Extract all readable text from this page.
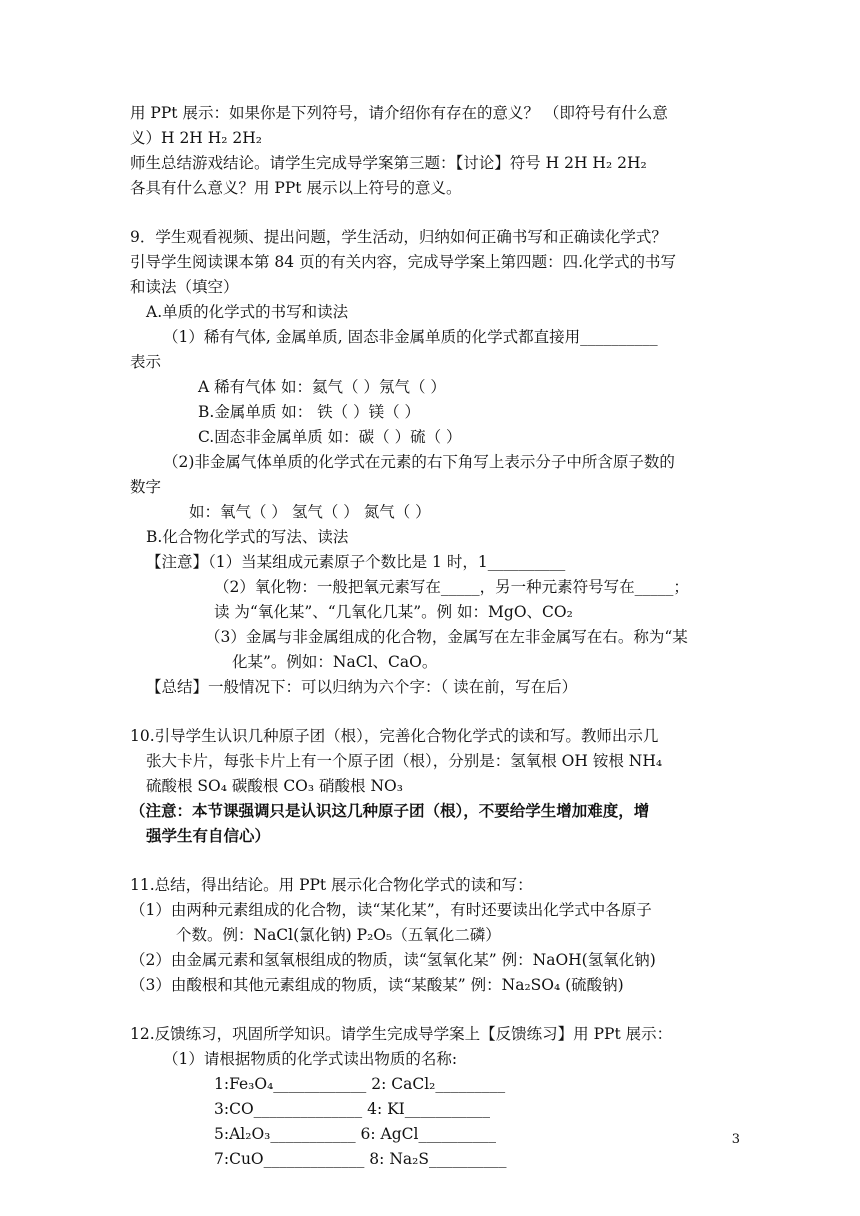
用 PPt 展示：如果你是下列符号，请介绍你有存在的意义？ （即符号有什么意
义）H 2H H₂ 2H₂
师生总结游戏结论。请学生完成导学案第三题：【讨论】符号 H 2H H₂ 2H₂
各具有什么意义？用 PPt 展示以上符号的意义。
9．学生观看视频、提出问题，学生活动，归纳如何正确书写和正确读化学式？
引导学生阅读课本第 84 页的有关内容，完成导学案上第四题：四.化学式的书写
和读法（填空）
A.单质的化学式的书写和读法
（1）稀有气体, 金属单质, 固态非金属单质的化学式都直接用__________
表示
A 稀有气体 如：氦气（ ）氖气（ ）
B.金属单质 如： 铁（ ）镁（ ）
C.固态非金属单质 如：碳（ ）硫（ ）
（2)非金属气体单质的化学式在元素的右下角写上表示分子中所含原子数的
数字
如：氧气（ ） 氢气（ ） 氮气（ ）
B.化合物化学式的写法、读法
【注意】（1）当某组成元素原子个数比是 1 时，1__________
（2）氧化物：一般把氧元素写在_____，另一种元素符号写在_____；
读 为“氧化某”、“几氧化几某”。例 如：MgO、CO₂
（3）金属与非金属组成的化合物，金属写在左非金属写在右。称为“某
化某”。例如：NaCl、CaO。
【总结】一般情况下：可以归纳为六个字：（ 读在前，写在后）
10.引导学生认识几种原子团（根），完善化合物化学式的读和写。教师出示几
张大卡片，每张卡片上有一个原子团（根），分别是：氢氧根 OH 铵根 NH₄
硫酸根 SO₄ 碳酸根 CO₃ 硝酸根 NO₃
（注意：本节课强调只是认识这几种原子团（根），不要给学生增加难度，增
强学生有自信心）
11.总结，得出结论。用 PPt 展示化合物化学式的读和写：
（1）由两种元素组成的化合物，读“某化某”，有时还要读出化学式中各原子
个数。例：NaCl(氯化钠) P₂O₅（五氧化二磷）
（2）由金属元素和氢氧根组成的物质，读“氢氧化某” 例：NaOH(氢氧化钠)
（3）由酸根和其他元素组成的物质，读“某酸某” 例：Na₂SO₄ (硫酸钠)
12.反馈练习，巩固所学知识。请学生完成导学案上【反馈练习】用 PPt 展示：
（1）请根据物质的化学式读出物质的名称:
1:Fe₃O₄____________ 2: CaCl₂_________
3:CO______________ 4: KI___________
5:Al₂O₃___________ 6: AgCl__________
7:CuO_____________ 8: Na₂S__________
3
